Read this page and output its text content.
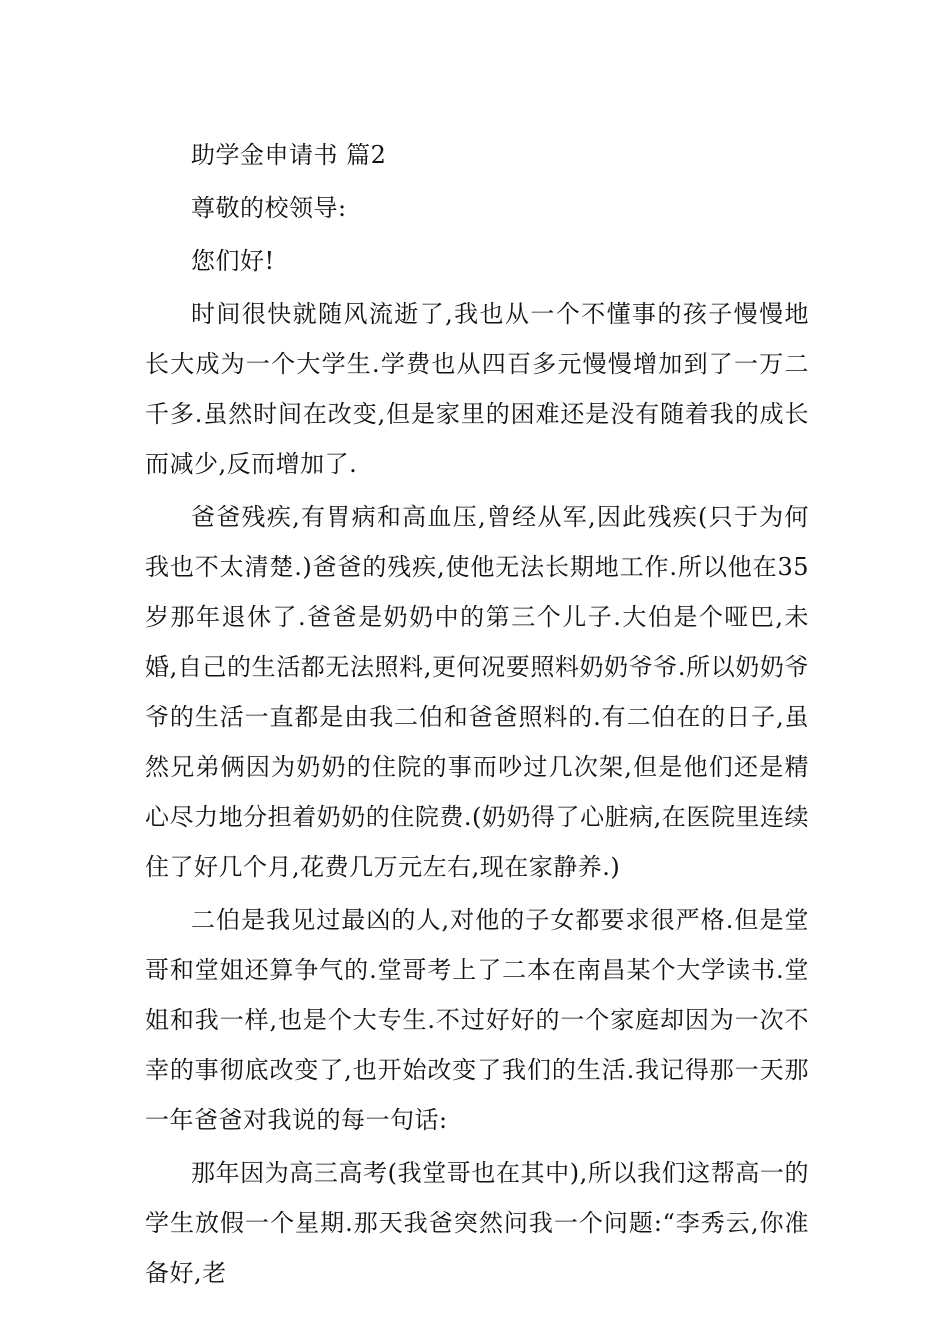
助学金申请书 篇2

尊敬的校领导:

您们好!

时间很快就随风流逝了,我也从一个不懂事的孩子慢慢地长大成为一个大学生.学费也从四百多元慢慢增加到了一万二千多.虽然时间在改变,但是家里的困难还是没有随着我的成长而减少,反而增加了.

爸爸残疾,有胃病和高血压,曾经从军,因此残疾(只于为何我也不太清楚.)爸爸的残疾,使他无法长期地工作.所以他在35岁那年退休了.爸爸是奶奶中的第三个儿子.大伯是个哑巴,未婚,自己的生活都无法照料,更何况要照料奶奶爷爷.所以奶奶爷爷的生活一直都是由我二伯和爸爸照料的.有二伯在的日子,虽然兄弟俩因为奶奶的住院的事而吵过几次架,但是他们还是精心尽力地分担着奶奶的住院费.(奶奶得了心脏病,在医院里连续住了好几个月,花费几万元左右,现在家静养.)

二伯是我见过最凶的人,对他的子女都要求很严格.但是堂哥和堂姐还算争气的.堂哥考上了二本在南昌某个大学读书.堂姐和我一样,也是个大专生.不过好好的一个家庭却因为一次不幸的事彻底改变了,也开始改变了我们的生活.我记得那一天那一年爸爸对我说的每一句话:

那年因为高三高考(我堂哥也在其中),所以我们这帮高一的学生放假一个星期.那天我爸突然问我一个问题:“李秀云,你准备好,老
